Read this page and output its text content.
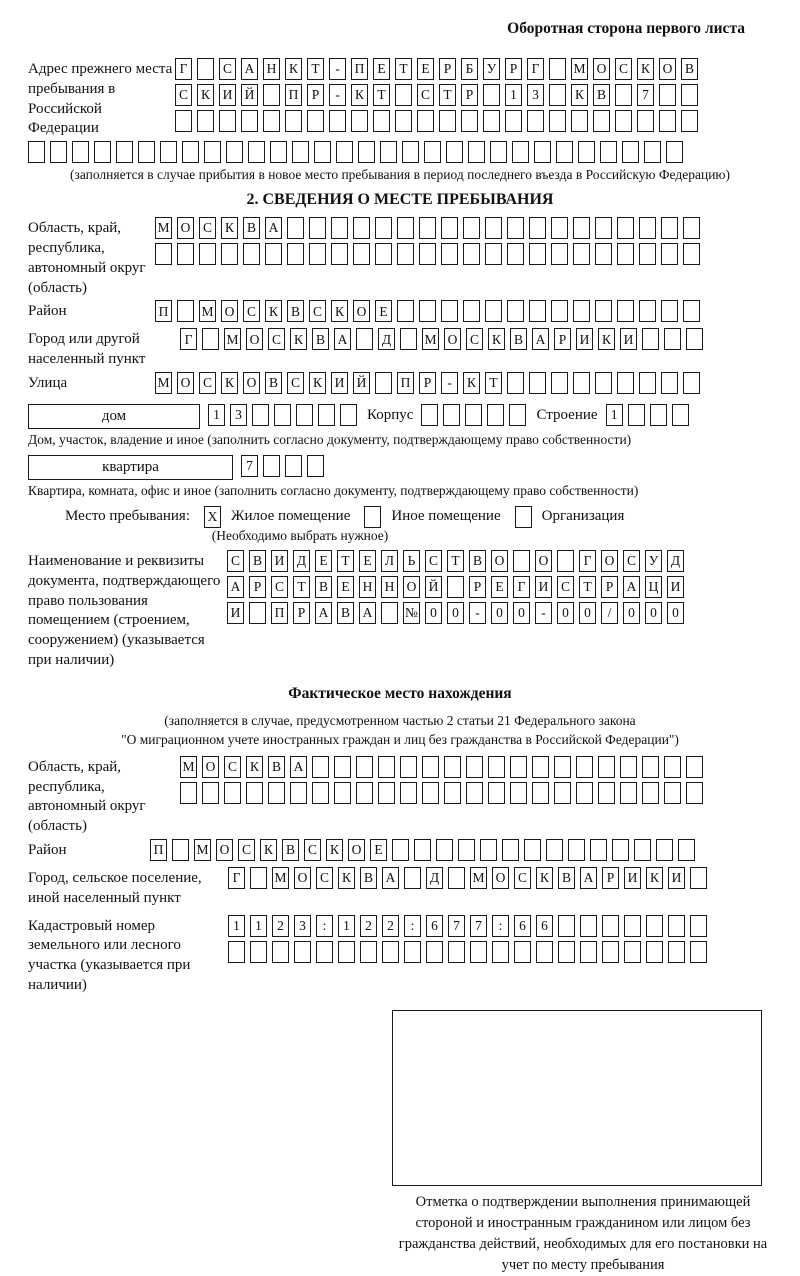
Оборотная сторона первого листа
Адрес прежнего места пребывания в Российской Федерации
Г	С А Н К Т	-	П Е	Т	Е	Р	Б У Р	Г	М О С К О В
С К И Й	П Р	-	К Т	С Т	Р	1	3	К В	7
(заполняется в случае прибытия в новое место пребывания в период последнего въезда в Российскую Федерацию)
2. СВЕДЕНИЯ О МЕСТЕ ПРЕБЫВАНИЯ
Область, край, республика, автономный округ (область)
М О С К В А
Район	П М О С К В С К О Е
Город или другой населенный пункт
Г	М О С К В А	Д М О С К В А Р И К И
Улица	М О С К О В С К И Й	П Р	-	К Т
дом	1	3	Корпус	Строение 1
Дом, участок, владение и иное (заполнить согласно документу, подтверждающему право собственности)
квартира	7
Квартира, комната, офис и иное (заполнить согласно документу, подтверждающему право собственности)
Место пребывания: X Жилое помещение	Иное помещение	Организация
(Необходимо выбрать нужное)
Наименование и реквизиты документа, подтверждающего право пользования помещением (строением, сооружением) (указывается при наличии)
С В И Д Е	Т	Е Л	Ь	С Т В О	О	Г О С У Д
А Р	С Т В Е Н Н О Й	Р	Е	Г И С Т	Р А Ц И
И	П Р А В А № 0	0	-	0	0	-	0	0	/	0	0	0
Фактическое место нахождения
(заполняется в случае, предусмотренном частью 2 статьи 21 Федерального закона
"О миграционном учете иностранных граждан и лиц без гражданства в Российской Федерации")
Область, край, республика, автономный округ (область)
М О С К В А
Район	П М О С К В С К О Е
Город, сельское поселение, иной населенный пункт
Г	М О С К В А	Д М О С К В А Р И К И
Кадастровый номер земельного или лесного участка (указывается при наличии)
1	1	2	3	:	1	2	2	:	6	7	7	:	6	6
Отметка о подтверждении выполнения принимающей стороной и иностранным гражданином или лицом без гражданства действий, необходимых для его постановки на учет по месту пребывания
